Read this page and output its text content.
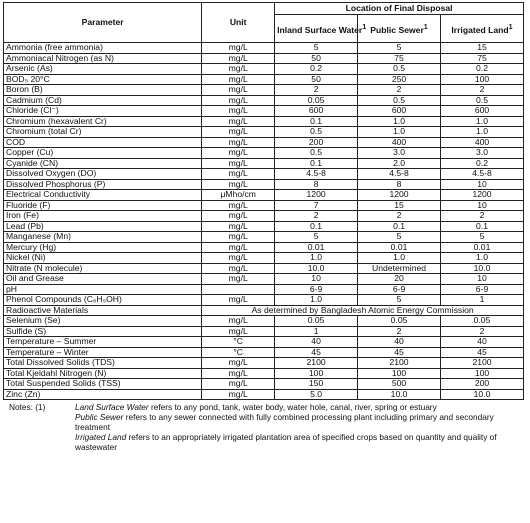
Parameter	Unit	Location of Final Disposal		
		Inland Surface Water$^1$	Public Sewer$^1$	Irrigated Land$^1$
Ammonia (free ammonia)	mg/L	5	5	15
Ammoniacal Nitrogen (as N)	mg/L	50	75	75
Arsenic (As)	mg/L	0.2	0.5	0.2
BOD₅ 20°C	mg/L	50	250	100
Boron (B)	mg/L	2	2	2
Cadmium (Cd)	mg/L	0.05	0.5	0.5
Chloride (Cl⁻)	mg/L	600	600	600
Chromium (hexavalent Cr)	mg/L	0.1	1.0	1.0
Chromium (total Cr)	mg/L	0.5	1.0	1.0
COD	mg/L	200	400	400
Copper (Cu)	mg/L	0.5	3.0	3.0
Cyanide (CN)	mg/L	0.1	2.0	0.2
Dissolved Oxygen (DO)	mg/L	4.5-8	4.5-8	4.5-8
Dissolved Phosphorus (P)	mg/L	8	8	10
Electrical Conductivity	μMho/cm	1200	1200	1200
Fluoride (F)	mg/L	7	15	10
Iron (Fe)	mg/L	2	2	2
Lead (Pb)	mg/L	0.1	0.1	0.1
Manganese (Mn)	mg/L	5	5	5
Mercury (Hg)	mg/L	0.01	0.01	0.01
Nickel (Ni)	mg/L	1.0	1.0	1.0
Nitrate (N molecule)	mg/L	10.0	Undetermined	10.0
Oil and Grease	mg/L	10	20	10
pH		6-9	6-9	6-9
Phenol Compounds (C₆H₅OH)	mg/L	1.0	5	1
Radioactive Materials	As determined by Bangladesh Atomic Energy Commission			
Selenium (Se)	mg/L	0.05	0.05	0.05
Sulfide (S)	mg/L	1	2	2
Temperature – Summer	°C	40	40	40
Temperature – Winter	°C	45	45	45
Total Dissolved Solids (TDS)	mg/L	2100	2100	2100
Total Kjeldahl Nitrogen (N)	mg/L	100	100	100
Total Suspended Solids (TSS)	mg/L	150	500	200
Zinc (Zn)	mg/L	5.0	10.0	10.0
Notes: (1)	Land Surface Water refers to any pond, tank, water body, water hole, canal, river, spring or estuary
Public Sewer refers to any sewer connected with fully combined processing plant including primary and secondary treatment
Irrigated Land refers to an appropriately irrigated plantation area of specified crops based on quantity and quality of wastewater
